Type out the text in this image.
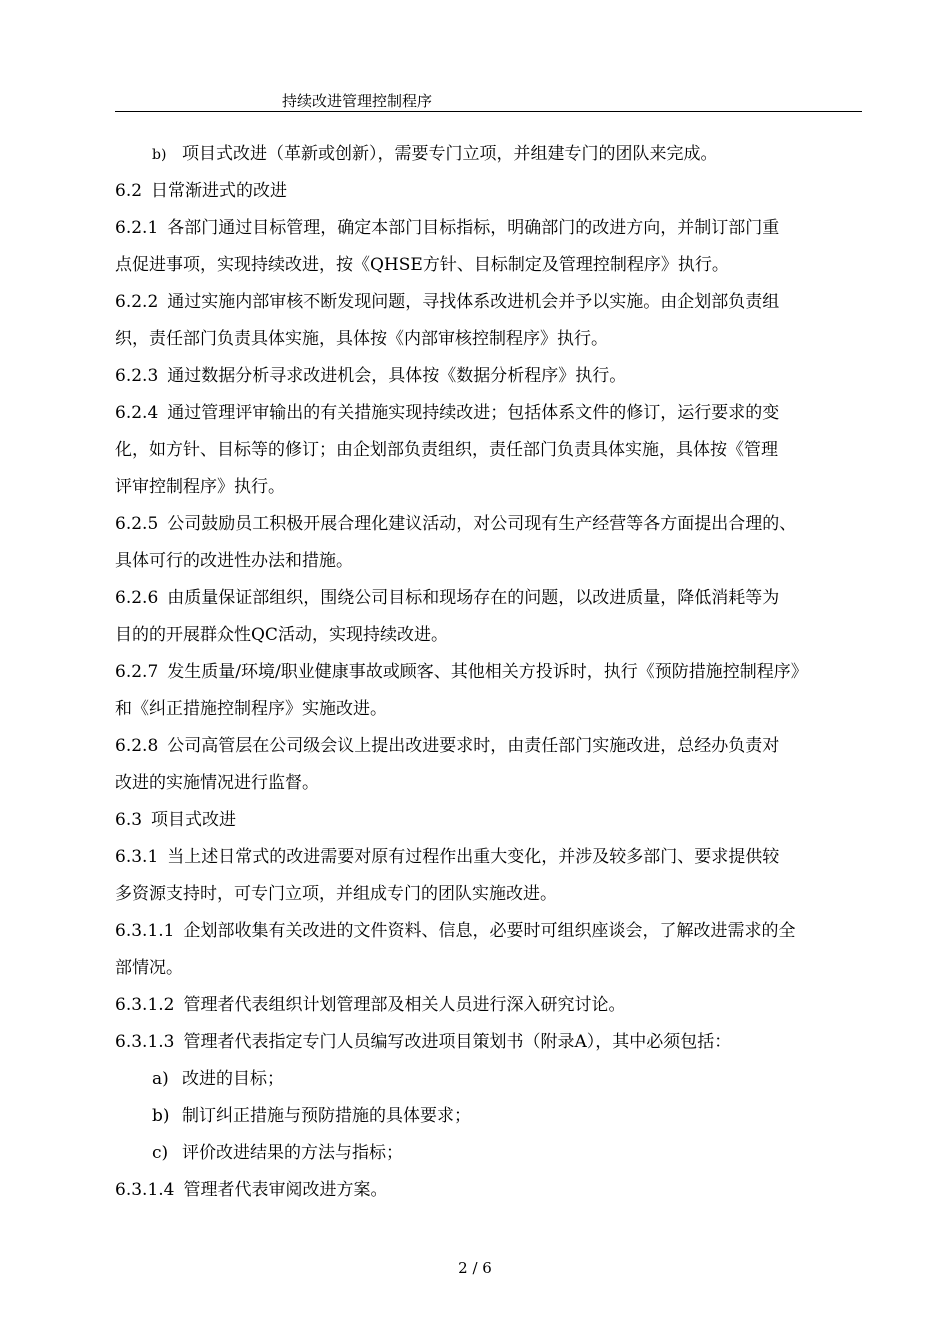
持续改进管理控制程序
b) 项目式改进（革新或创新），需要专门立项，并组建专门的团队来完成。
6.2 日常渐进式的改进
6.2.1 各部门通过目标管理，确定本部门目标指标，明确部门的改进方向，并制订部门重
点促进事项，实现持续改进，按《QHSE方针、目标制定及管理控制程序》执行。
6.2.2 通过实施内部审核不断发现问题，寻找体系改进机会并予以实施。由企划部负责组
织，责任部门负责具体实施，具体按《内部审核控制程序》执行。
6.2.3 通过数据分析寻求改进机会，具体按《数据分析程序》执行。
6.2.4 通过管理评审输出的有关措施实现持续改进；包括体系文件的修订，运行要求的变
化，如方针、目标等的修订；由企划部负责组织，责任部门负责具体实施，具体按《管理
评审控制程序》执行。
6.2.5 公司鼓励员工积极开展合理化建议活动，对公司现有生产经营等各方面提出合理的、
具体可行的改进性办法和措施。
6.2.6 由质量保证部组织，围绕公司目标和现场存在的问题，以改进质量，降低消耗等为
目的的开展群众性QC活动，实现持续改进。
6.2.7 发生质量/环境/职业健康事故或顾客、其他相关方投诉时，执行《预防措施控制程序》
和《纠正措施控制程序》实施改进。
6.2.8 公司高管层在公司级会议上提出改进要求时，由责任部门实施改进，总经办负责对
改进的实施情况进行监督。
6.3 项目式改进
6.3.1 当上述日常式的改进需要对原有过程作出重大变化，并涉及较多部门、要求提供较
多资源支持时，可专门立项，并组成专门的团队实施改进。
6.3.1.1 企划部收集有关改进的文件资料、信息，必要时可组织座谈会，了解改进需求的全
部情况。
6.3.1.2 管理者代表组织计划管理部及相关人员进行深入研究讨论。
6.3.1.3 管理者代表指定专门人员编写改进项目策划书（附录A），其中必须包括：
a) 改进的目标；
b) 制订纠正措施与预防措施的具体要求；
c) 评价改进结果的方法与指标；
6.3.1.4 管理者代表审阅改进方案。
2 / 6
